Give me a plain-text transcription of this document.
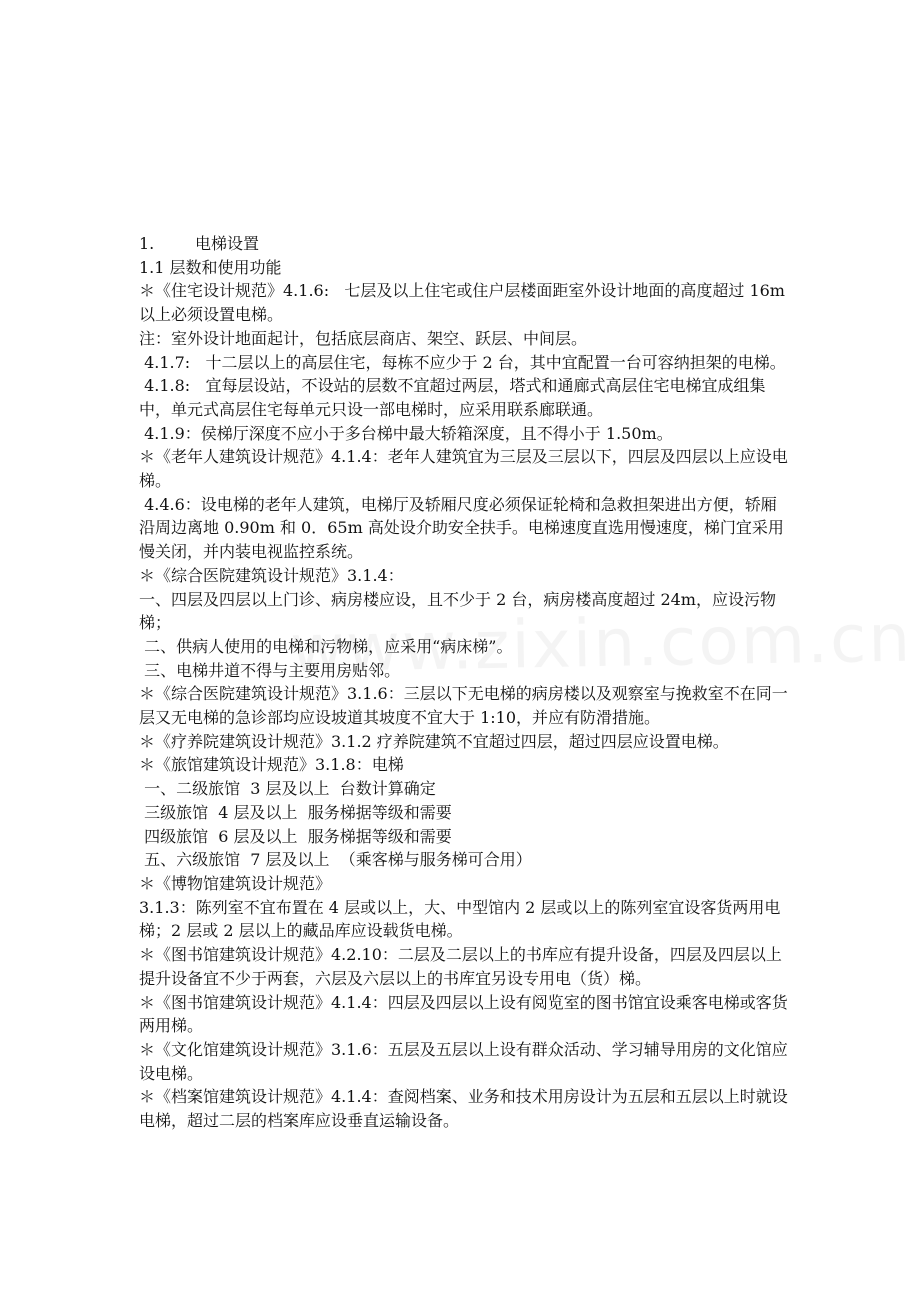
1.        电梯设置

1.1 层数和使用功能

＊《住宅设计规范》4.1.6:   七层及以上住宅或住户层楼面距室外设计地面的高度超过 16m 以上必须设置电梯。

注：室外设计地面起计，包括底层商店、架空、跃层、中间层。

4.1.7:   十二层以上的高层住宅，每栋不应少于 2 台，其中宜配置一台可容纳担架的电梯。

4.1.8:   宜每层设站，不设站的层数不宜超过两层，塔式和通廊式高层住宅电梯宜成组集中，单元式高层住宅每单元只设一部电梯时，应采用联系廊联通。

4.1.9：侯梯厅深度不应小于多台梯中最大轿箱深度，且不得小于 1.50m。

＊《老年人建筑设计规范》4.1.4：老年人建筑宜为三层及三层以下，四层及四层以上应设电梯。

4.4.6：设电梯的老年人建筑，电梯厅及轿厢尺度必须保证轮椅和急救担架进出方便，轿厢沿周边离地 0.90m 和 0．65m 高处设介助安全扶手。电梯速度直选用慢速度，梯门宜采用慢关闭，并内装电视监控系统。

＊《综合医院建筑设计规范》3.1.4：

一、四层及四层以上门诊、病房楼应设，且不少于 2 台，病房楼高度超过 24m，应设污物梯；

二、供病人使用的电梯和污物梯，应采用“病床梯”。

三、电梯井道不得与主要用房贴邻。

＊《综合医院建筑设计规范》3.1.6：三层以下无电梯的病房楼以及观察室与挽救室不在同一层又无电梯的急诊部均应设坡道其坡度不宜大于 1:10，并应有防滑措施。

＊《疗养院建筑设计规范》3.1.2 疗养院建筑不宜超过四层，超过四层应设置电梯。

＊《旅馆建筑设计规范》3.1.8：电梯

一、二级旅馆  3 层及以上  台数计算确定

三级旅馆  4 层及以上  服务梯据等级和需要

四级旅馆  6 层及以上  服务梯据等级和需要

五、六级旅馆  7 层及以上  （乘客梯与服务梯可合用）

＊《博物馆建筑设计规范》

3.1.3：陈列室不宜布置在 4 层或以上，大、中型馆内 2 层或以上的陈列室宜设客货两用电梯；2 层或 2 层以上的藏品库应设载货电梯。

＊《图书馆建筑设计规范》4.2.10：二层及二层以上的书库应有提升设备，四层及四层以上提升设备宜不少于两套，六层及六层以上的书库宜另设专用电（货）梯。

＊《图书馆建筑设计规范》4.1.4：四层及四层以上设有阅览室的图书馆宜设乘客电梯或客货两用梯。

＊《文化馆建筑设计规范》3.1.6：五层及五层以上设有群众活动、学习辅导用房的文化馆应设电梯。

＊《档案馆建筑设计规范》4.1.4：查阅档案、业务和技术用房设计为五层和五层以上时就设电梯，超过二层的档案库应设垂直运输设备。
